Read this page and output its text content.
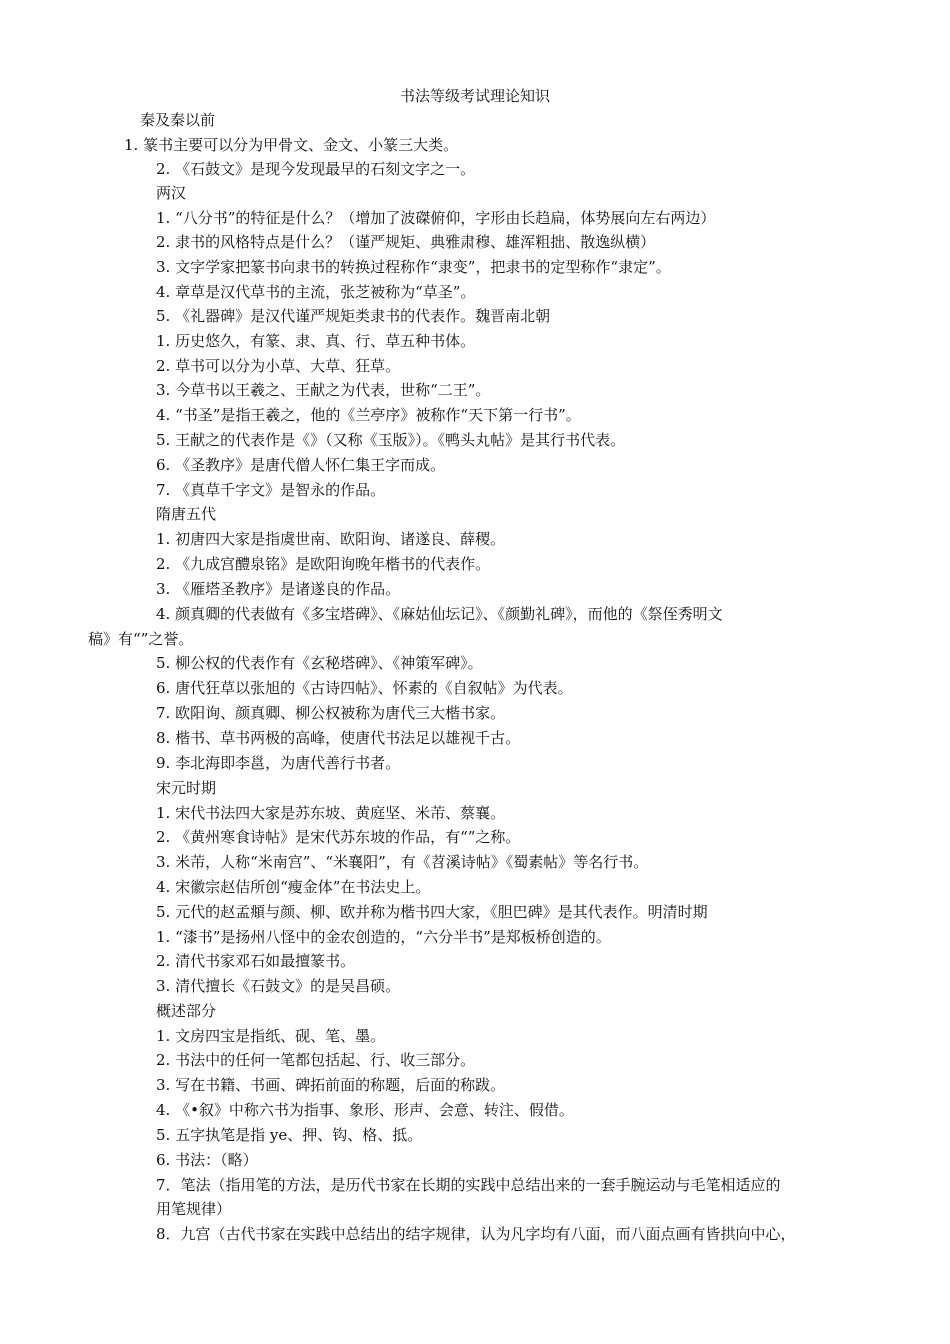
书法等级考试理论知识
秦及秦以前
1. 篆书主要可以分为甲骨文、金文、小篆三大类。
2. 《石鼓文》是现今发现最早的石刻文字之一。
两汉
1. “八分书”的特征是什么？（增加了波磔俯仰，字形由长趋扁，体势展向左右两边）
2. 隶书的风格特点是什么？（谨严规矩、典雅肃穆、雄浑粗拙、散逸纵横）
3. 文字学家把篆书向隶书的转换过程称作“隶变”，把隶书的定型称作“隶定”。
4. 章草是汉代草书的主流，张芝被称为“草圣”。
5. 《礼器碑》是汉代谨严规矩类隶书的代表作。魏晋南北朝
1. 历史悠久，有篆、隶、真、行、草五种书体。
2. 草书可以分为小草、大草、狂草。
3. 今草书以王羲之、王献之为代表，世称“二王”。
4. “书圣”是指王羲之，他的《兰亭序》被称作“天下第一行书”。
5. 王献之的代表作是《》（又称《玉版》）。《鸭头丸帖》是其行书代表。
6. 《圣教序》是唐代僧人怀仁集王字而成。
7. 《真草千字文》是智永的作品。
隋唐五代
1. 初唐四大家是指虞世南、欧阳询、诸遂良、薛稷。
2. 《九成宫醴泉铭》是欧阳询晚年楷书的代表作。
3. 《雁塔圣教序》是诸遂良的作品。
4. 颜真卿的代表做有《多宝塔碑》、《麻姑仙坛记》、《颜勤礼碑》，而他的《祭侄秀明文
稿》有“”之誉。
5. 柳公权的代表作有《玄秘塔碑》、《神策军碑》。
6. 唐代狂草以张旭的《古诗四帖》、怀素的《自叙帖》为代表。
7. 欧阳询、颜真卿、柳公权被称为唐代三大楷书家。
8. 楷书、草书两极的高峰，使唐代书法足以雄视千古。
9. 李北海即李邕，为唐代善行书者。
宋元时期
1. 宋代书法四大家是苏东坡、黄庭坚、米芾、蔡襄。
2. 《黄州寒食诗帖》是宋代苏东坡的作品，有“”之称。
3. 米芾，人称“米南宫”、“米襄阳”，有《苕溪诗帖》《蜀素帖》等名行书。
4. 宋徽宗赵佶所创“瘦金体”在书法史上。
5. 元代的赵孟頫与颜、柳、欧并称为楷书四大家，《胆巴碑》是其代表作。明清时期
1. “漆书”是扬州八怪中的金农创造的，“六分半书”是郑板桥创造的。
2. 清代书家邓石如最擅篆书。
3. 清代擅长《石鼓文》的是吴昌硕。
概述部分
1. 文房四宝是指纸、砚、笔、墨。
2. 书法中的任何一笔都包括起、行、收三部分。
3. 写在书籍、书画、碑拓前面的称题，后面的称跋。
4. 《•叙》中称六书为指事、象形、形声、会意、转注、假借。
5. 五字执笔是指 ye、押、钩、格、抵。
6. 书法：（略）
7．笔法（指用笔的方法，是历代书家在长期的实践中总结出来的一套手腕运动与毛笔相适应的
用笔规律）
8．九宫（古代书家在实践中总结出的结字规律，认为凡字均有八面，而八面点画有皆拱向中心，
